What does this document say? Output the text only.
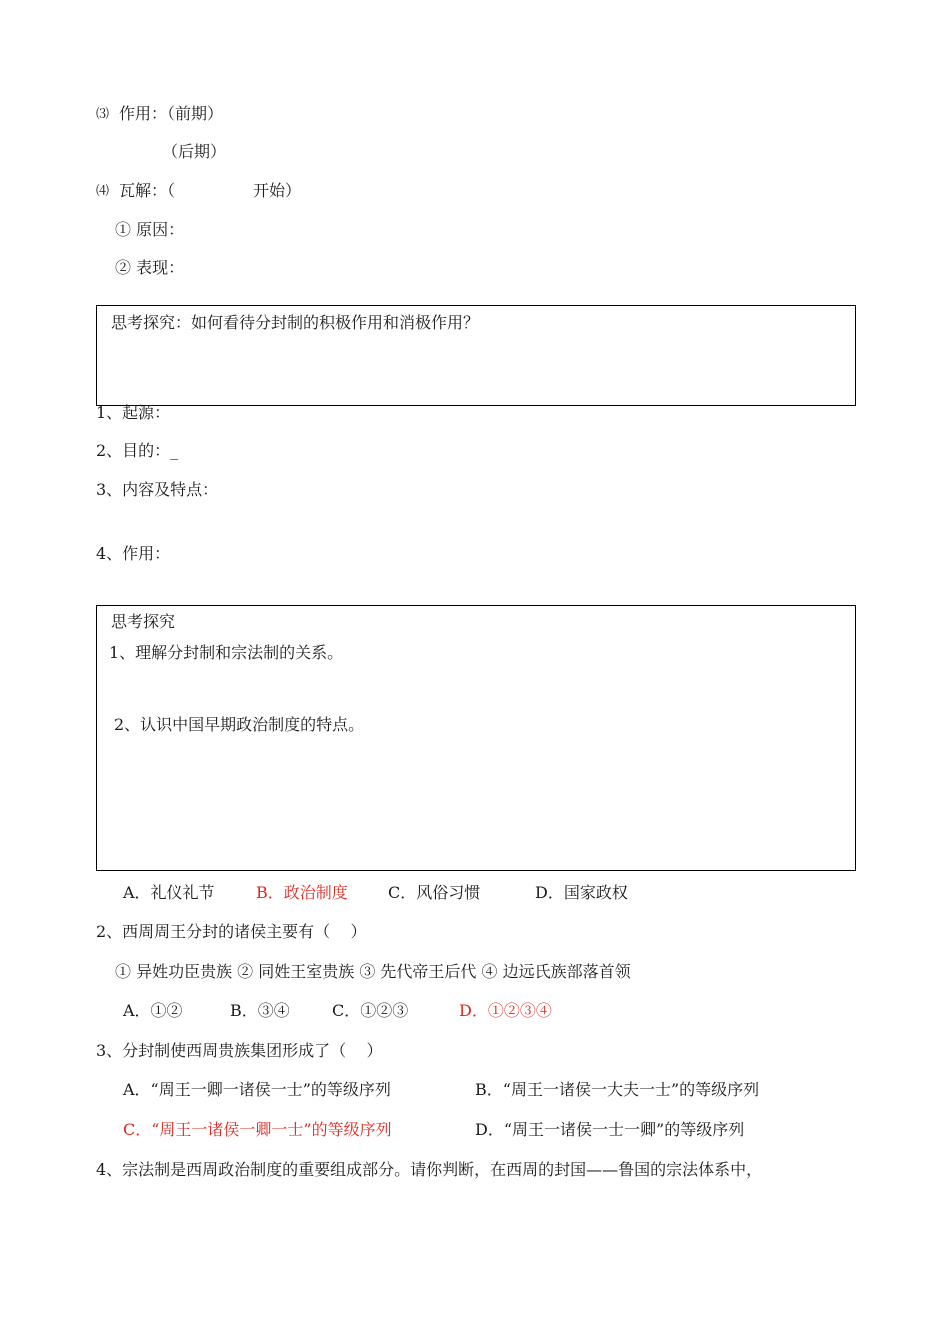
⑶ 作用：（前期）
（后期）
⑷ 瓦解：（	开始）
① 原因：
② 表现：
思考探究：如何看待分封制的积极作用和消极作用？
1、起源：
2、目的：_
3、内容及特点：
4、作用：
思考探究
1、理解分封制和宗法制的关系。
2、认识中国早期政治制度的特点。
A．礼仪礼节	B．政治制度	C．风俗习惯	D．国家政权
2、西周周王分封的诸侯主要有（    ）
① 异姓功臣贵族 ② 同姓王室贵族 ③ 先代帝王后代 ④ 边远氏族部落首领
A．①②	B．③④	C．①②③	D．①②③④
3、分封制使西周贵族集团形成了（    ）
A．“周王一卿一诸侯一士”的等级序列	B．“周王一诸侯一大夫一士”的等级序列
C．“周王一诸侯一卿一士”的等级序列	D．“周王一诸侯一士一卿”的等级序列
4、宗法制是西周政治制度的重要组成部分。请你判断，在西周的封国——鲁国的宗法体系中，
